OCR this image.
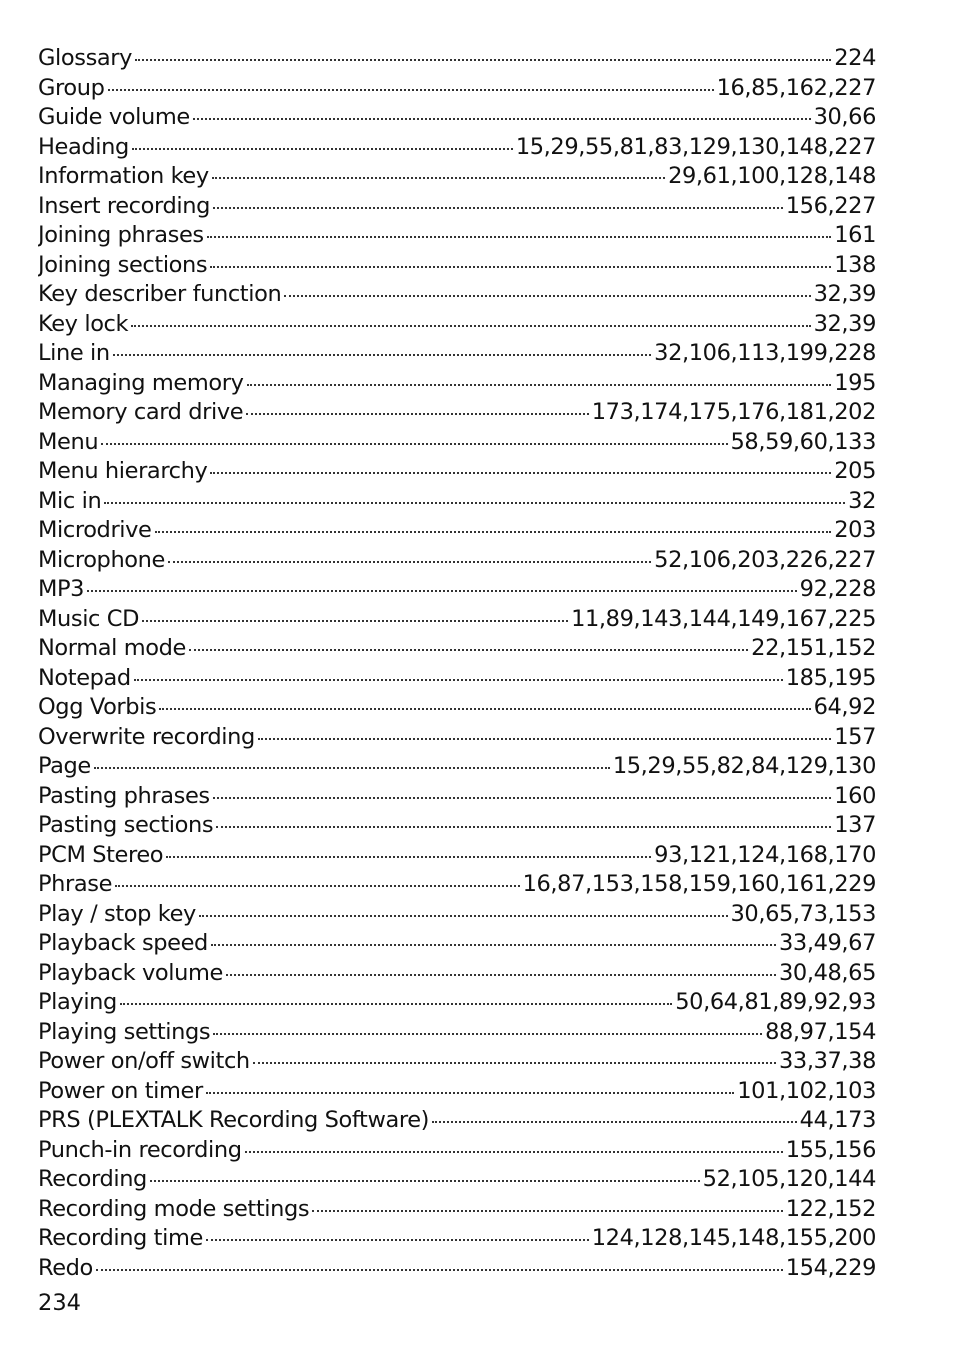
Glossary	224
Group	16,85,162,227
Guide volume	30,66
Heading	15,29,55,81,83,129,130,148,227
Information key	29,61,100,128,148
Insert recording	156,227
Joining phrases	161
Joining sections	138
Key describer function	32,39
Key lock	32,39
Line in	32,106,113,199,228
Managing memory	195
Memory card drive	173,174,175,176,181,202
Menu	58,59,60,133
Menu hierarchy	205
Mic in	32
Microdrive	203
Microphone	52,106,203,226,227
MP3	92,228
Music CD	11,89,143,144,149,167,225
Normal mode	22,151,152
Notepad	185,195
Ogg Vorbis	64,92
Overwrite recording	157
Page	15,29,55,82,84,129,130
Pasting phrases	160
Pasting sections	137
PCM Stereo	93,121,124,168,170
Phrase	16,87,153,158,159,160,161,229
Play / stop key	30,65,73,153
Playback speed	33,49,67
Playback volume	30,48,65
Playing	50,64,81,89,92,93
Playing settings	88,97,154
Power on/off switch	33,37,38
Power on timer	101,102,103
PRS (PLEXTALK Recording Software)	44,173
Punch-in recording	155,156
Recording	52,105,120,144
Recording mode settings	122,152
Recording time	124,128,145,148,155,200
Redo	154,229
234
